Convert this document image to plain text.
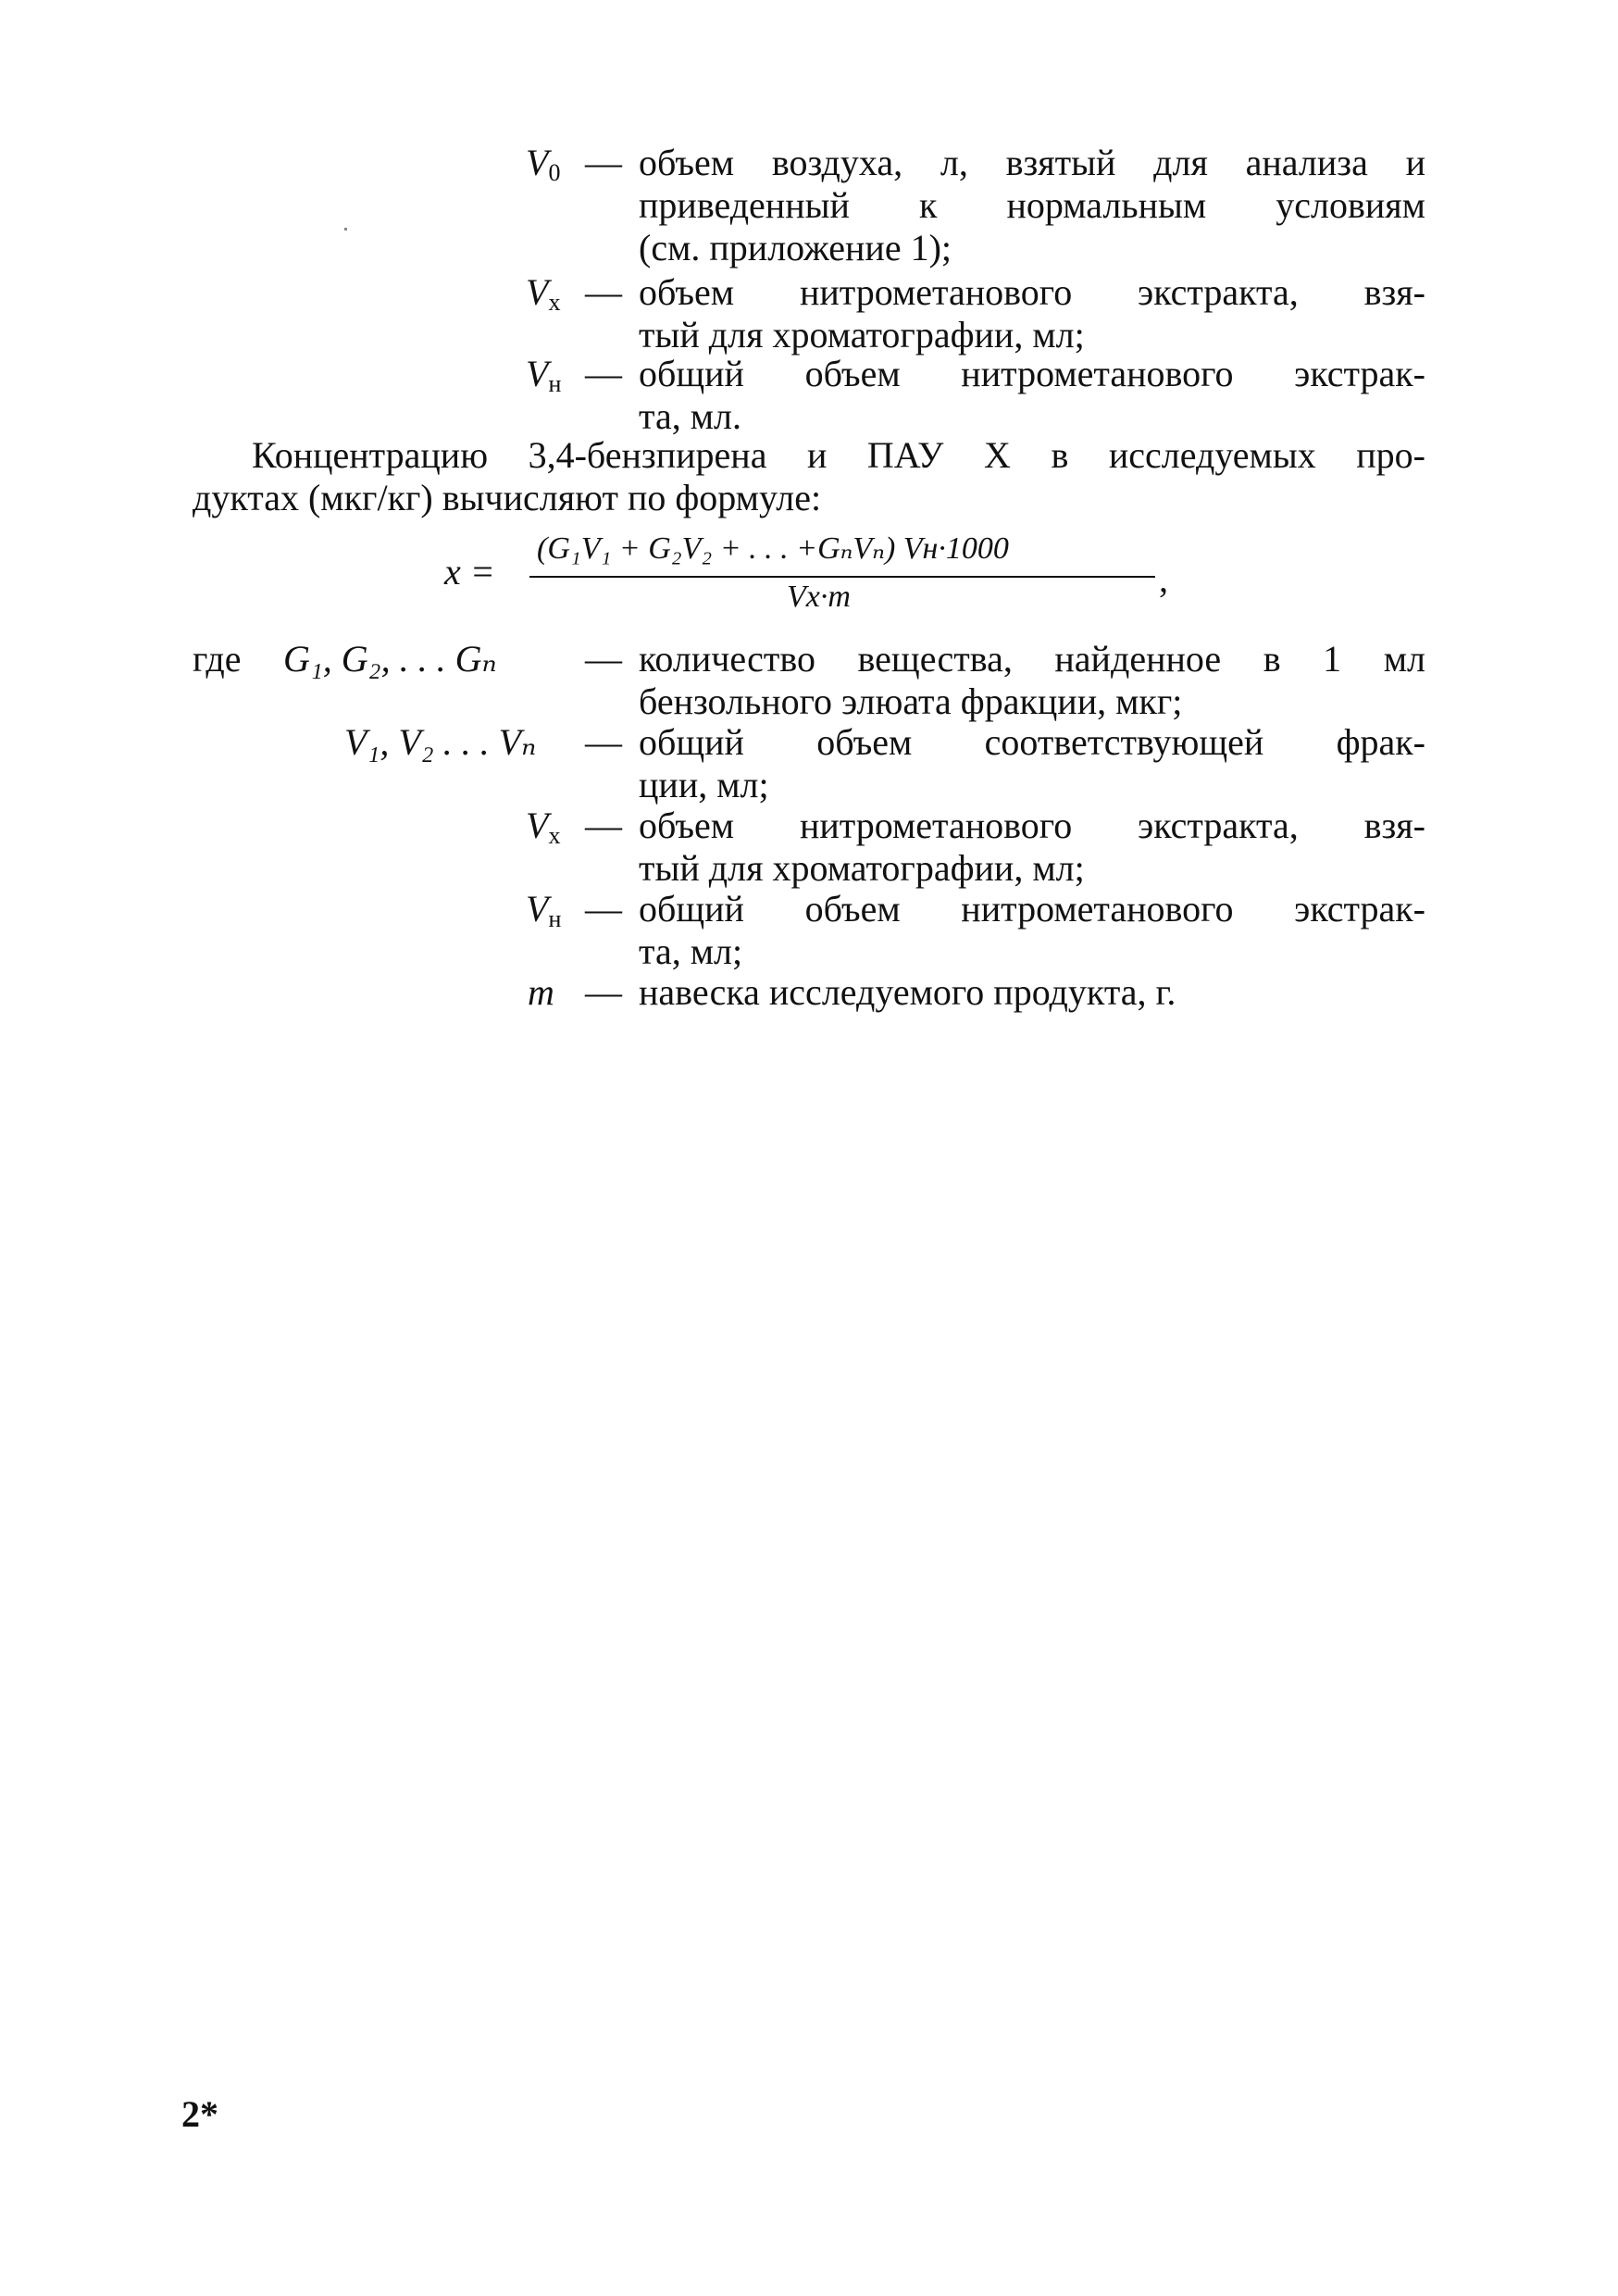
$V_0$ — объем воздуха, л, взятый для анализа и
приведенный к нормальным условиям
(см. приложение 1);
$V_x$ — объем нитрометанового экстракта, взя-
тый для хроматографии, мл;
$V_н$ — общий объем нитрометанового экстрак-
та, мл.
Концентрацию 3,4-бензпирена и ПАУ X в исследуемых про-
дуктах (мкг/кг) вычисляют по формуле:
x =
(G₁V₁ + G₂V₂ + . . . +GₙVₙ) Vн·1000
Vx·m	,
где G₁, G₂, . . . Gₙ — количество вещества, найденное в 1 мл
бензольного элюата фракции, мкг;
V₁, V₂ . . . Vₙ — общий объем соответствующей фрак-
ции, мл;
$V_x$ — объем нитрометанового экстракта, взя-
тый для хроматографии, мл;
$V_н$ — общий объем нитрометанового экстрак-
та, мл;
m — навеска исследуемого продукта, г.
2*
